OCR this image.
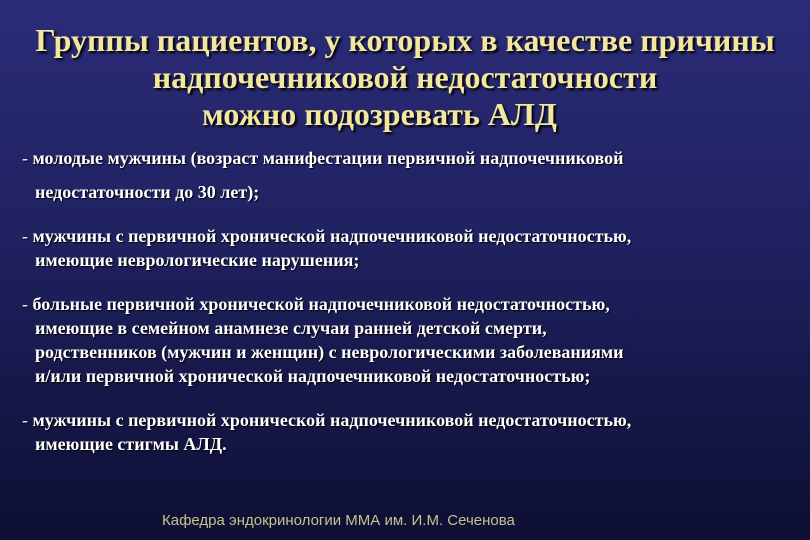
Группы пациентов, у которых в качестве причины
надпочечниковой недостаточности
можно подозревать АЛД
- молодые мужчины (возраст манифестации первичной надпочечниковой
недостаточности до 30 лет);
- мужчины с первичной хронической надпочечниковой недостаточностью,
имеющие неврологические нарушения;
- больные первичной хронической надпочечниковой недостаточностью,
имеющие в семейном анамнезе случаи ранней детской смерти,
родственников (мужчин и женщин) с неврологическими заболеваниями
и/или первичной хронической надпочечниковой недостаточностью;
- мужчины с первичной хронической надпочечниковой недостаточностью,
имеющие стигмы АЛД.
Кафедра эндокринологии ММА им. И.М. Сеченова
